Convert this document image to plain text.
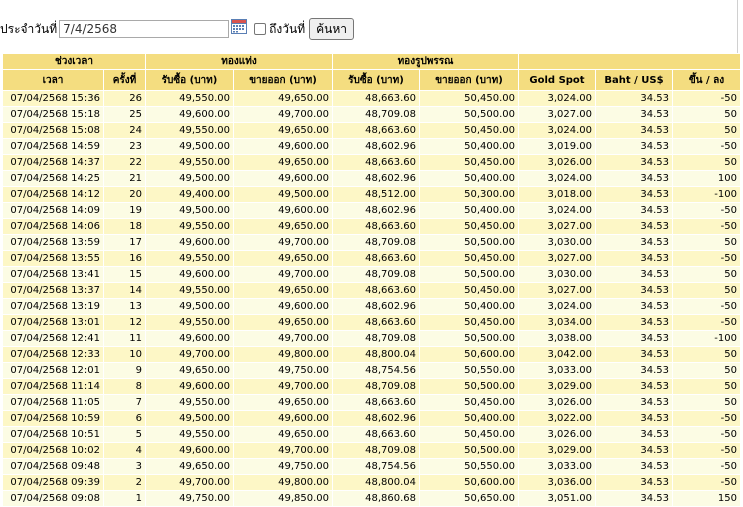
ประจำวันที่
7/4/2568	ถึงวันที่ ค้นหา
ช่วงเวลา		ทองแท่ง		ทองรูปพรรณ				
เวลา	ครั้งที่	รับซื้อ (บาท)	ขายออก (บาท)	รับซื้อ (บาท)	ขายออก (บาท)	Gold Spot	Baht / US$	ขึ้น / ลง
07/04/2568 15:36	26	49,550.00	49,650.00	48,663.60	50,450.00	3,024.00	34.53	-50
07/04/2568 15:18	25	49,600.00	49,700.00	48,709.08	50,500.00	3,027.00	34.53	50
07/04/2568 15:08	24	49,550.00	49,650.00	48,663.60	50,450.00	3,024.00	34.53	50
07/04/2568 14:59	23	49,500.00	49,600.00	48,602.96	50,400.00	3,019.00	34.53	-50
07/04/2568 14:37	22	49,550.00	49,650.00	48,663.60	50,450.00	3,026.00	34.53	50
07/04/2568 14:25	21	49,500.00	49,600.00	48,602.96	50,400.00	3,024.00	34.53	100
07/04/2568 14:12	20	49,400.00	49,500.00	48,512.00	50,300.00	3,018.00	34.53	-100
07/04/2568 14:09	19	49,500.00	49,600.00	48,602.96	50,400.00	3,024.00	34.53	-50
07/04/2568 14:06	18	49,550.00	49,650.00	48,663.60	50,450.00	3,027.00	34.53	-50
07/04/2568 13:59	17	49,600.00	49,700.00	48,709.08	50,500.00	3,030.00	34.53	50
07/04/2568 13:55	16	49,550.00	49,650.00	48,663.60	50,450.00	3,027.00	34.53	-50
07/04/2568 13:41	15	49,600.00	49,700.00	48,709.08	50,500.00	3,030.00	34.53	50
07/04/2568 13:37	14	49,550.00	49,650.00	48,663.60	50,450.00	3,027.00	34.53	50
07/04/2568 13:19	13	49,500.00	49,600.00	48,602.96	50,400.00	3,024.00	34.53	-50
07/04/2568 13:01	12	49,550.00	49,650.00	48,663.60	50,450.00	3,034.00	34.53	-50
07/04/2568 12:41	11	49,600.00	49,700.00	48,709.08	50,500.00	3,038.00	34.53	-100
07/04/2568 12:33	10	49,700.00	49,800.00	48,800.04	50,600.00	3,042.00	34.53	50
07/04/2568 12:01	9	49,650.00	49,750.00	48,754.56	50,550.00	3,033.00	34.53	50
07/04/2568 11:14	8	49,600.00	49,700.00	48,709.08	50,500.00	3,029.00	34.53	50
07/04/2568 11:05	7	49,550.00	49,650.00	48,663.60	50,450.00	3,026.00	34.53	50
07/04/2568 10:59	6	49,500.00	49,600.00	48,602.96	50,400.00	3,022.00	34.53	-50
07/04/2568 10:51	5	49,550.00	49,650.00	48,663.60	50,450.00	3,026.00	34.53	-50
07/04/2568 10:02	4	49,600.00	49,700.00	48,709.08	50,500.00	3,029.00	34.53	-50
07/04/2568 09:48	3	49,650.00	49,750.00	48,754.56	50,550.00	3,033.00	34.53	-50
07/04/2568 09:39	2	49,700.00	49,800.00	48,800.04	50,600.00	3,036.00	34.53	-50
07/04/2568 09:08	1	49,750.00	49,850.00	48,860.68	50,650.00	3,051.00	34.53	150
